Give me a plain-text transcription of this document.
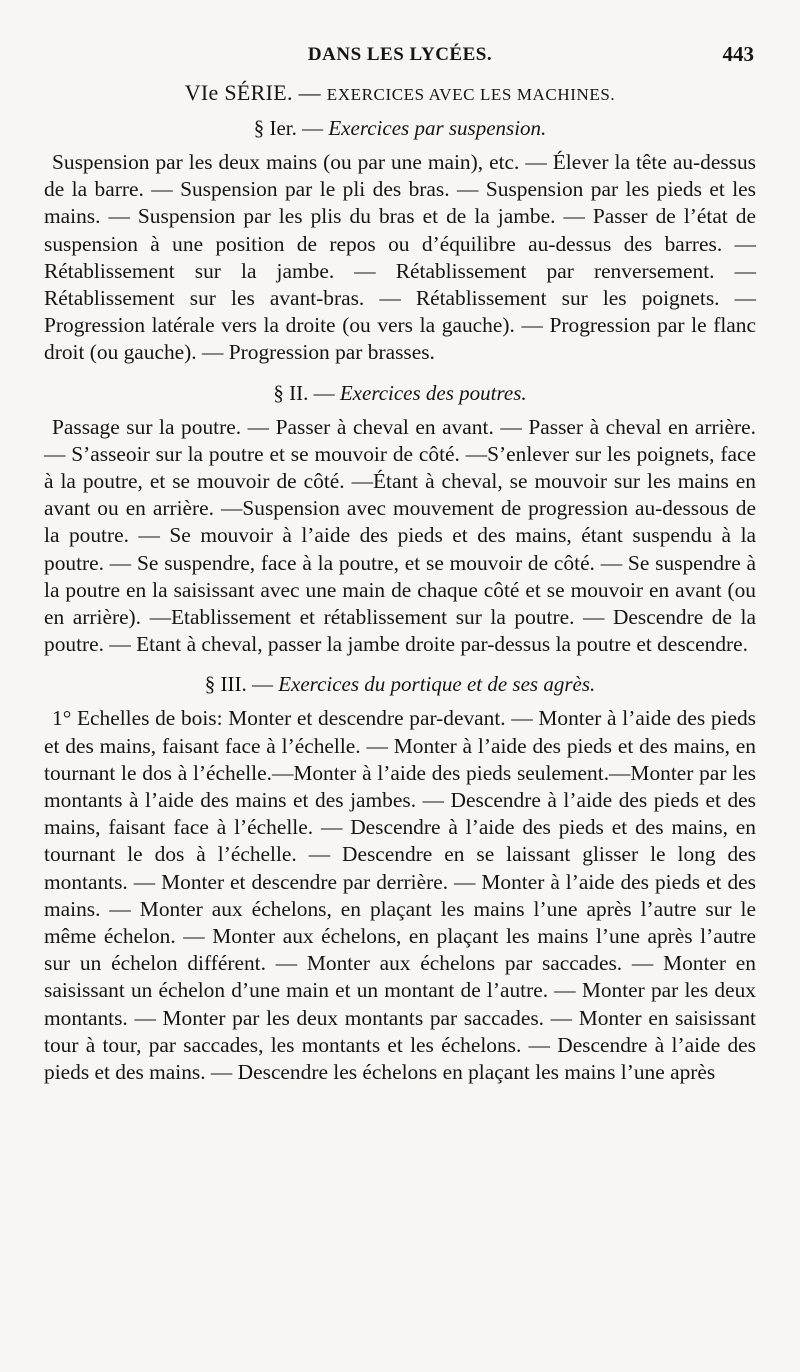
DANS LES LYCÉES.	443
VIe SÉRIE. — EXERCICES AVEC LES MACHINES.
§ Ier. — Exercices par suspension.

Suspension par les deux mains (ou par une main), etc. — Élever la tête au-dessus de la barre. — Suspension par le pli des bras. — Suspension par les pieds et les mains. — Suspension par les plis du bras et de la jambe. — Passer de l’état de suspension à une position de repos ou d’équilibre au-dessus des barres. — Rétablissement sur la jambe. — Rétablissement par renversement. — Rétablissement sur les avant-bras. — Rétablissement sur les poignets. — Progression latérale vers la droite (ou vers la gauche). — Progression par le flanc droit (ou gauche). — Progression par brasses.

§ II. — Exercices des poutres.

Passage sur la poutre. — Passer à cheval en avant. — Passer à cheval en arrière. — S’asseoir sur la poutre et se mouvoir de côté. —S’enlever sur les poignets, face à la poutre, et se mouvoir de côté. —Étant à cheval, se mouvoir sur les mains en avant ou en arrière. —Suspension avec mouvement de progression au-dessous de la poutre. — Se mouvoir à l’aide des pieds et des mains, étant suspendu à la poutre. — Se suspendre, face à la poutre, et se mouvoir de côté. — Se suspendre à la poutre en la saisissant avec une main de chaque côté et se mouvoir en avant (ou en arrière). —Etablissement et rétablissement sur la poutre. — Descendre de la poutre. — Etant à cheval, passer la jambe droite par-dessus la poutre et descendre.

§ III. — Exercices du portique et de ses agrès.

1° Echelles de bois: Monter et descendre par-devant. — Monter à l’aide des pieds et des mains, faisant face à l’échelle. — Monter à l’aide des pieds et des mains, en tournant le dos à l’échelle.—Monter à l’aide des pieds seulement.—Monter par les montants à l’aide des mains et des jambes. — Descendre à l’aide des pieds et des mains, faisant face à l’échelle. — Descendre à l’aide des pieds et des mains, en tournant le dos à l’échelle. — Descendre en se laissant glisser le long des montants. — Monter et descendre par derrière. — Monter à l’aide des pieds et des mains. — Monter aux échelons, en plaçant les mains l’une après l’autre sur le même échelon. — Monter aux échelons, en plaçant les mains l’une après l’autre sur un échelon différent. — Monter aux échelons par saccades. — Monter en saisissant un échelon d’une main et un montant de l’autre. — Monter par les deux montants. — Monter par les deux montants par saccades. — Monter en saisissant tour à tour, par saccades, les montants et les échelons. — Descendre à l’aide des pieds et des mains. — Descendre les échelons en plaçant les mains l’une après
